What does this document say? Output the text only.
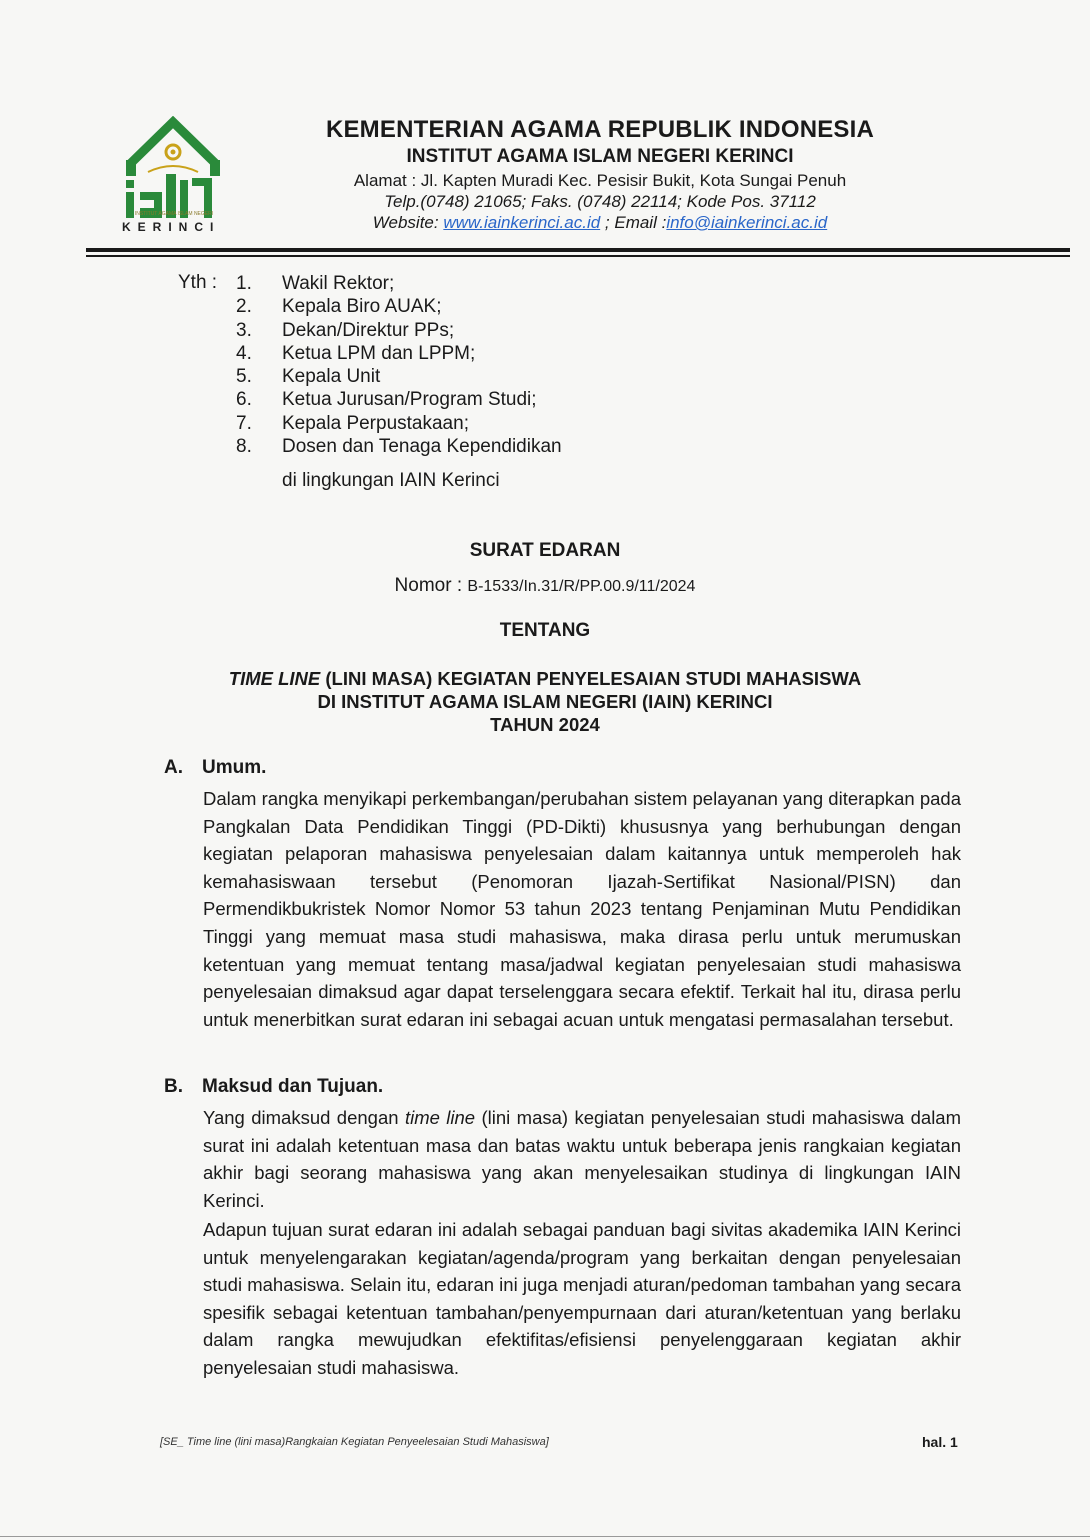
INSTITUT AGAMA ISLAM NEGERI
KERINCI
KEMENTERIAN AGAMA REPUBLIK INDONESIA
INSTITUT AGAMA ISLAM NEGERI KERINCI
Alamat : Jl. Kapten Muradi Kec. Pesisir Bukit, Kota Sungai Penuh
Telp.(0748) 21065; Faks. (0748) 22114; Kode Pos. 37112
Website: www.iainkerinci.ac.id ; Email :info@iainkerinci.ac.id
Yth : 1.	Wakil Rektor;
2.	Kepala Biro AUAK;
3.	Dekan/Direktur PPs;
4.	Ketua LPM dan LPPM;
5.	Kepala Unit
6.	Ketua Jurusan/Program Studi;
7.	Kepala Perpustakaan;
8.	Dosen dan Tenaga Kependidikan
di lingkungan IAIN Kerinci
SURAT EDARAN
Nomor : B-1533/In.31/R/PP.00.9/11/2024
TENTANG
TIME LINE (LINI MASA) KEGIATAN PENYELESAIAN STUDI MAHASISWA
DI INSTITUT AGAMA ISLAM NEGERI (IAIN) KERINCI
TAHUN 2024
A. Umum.
Dalam rangka menyikapi perkembangan/perubahan sistem pelayanan yang diterapkan pada Pangkalan Data Pendidikan Tinggi (PD-Dikti) khususnya yang berhubungan dengan kegiatan pelaporan mahasiswa penyelesaian dalam kaitannya untuk memperoleh hak kemahasiswaan tersebut (Penomoran Ijazah-Sertifikat Nasional/PISN) dan Permendikbukristek Nomor Nomor 53 tahun 2023 tentang Penjaminan Mutu Pendidikan Tinggi yang memuat masa studi mahasiswa, maka dirasa perlu untuk merumuskan ketentuan yang memuat tentang masa/jadwal kegiatan penyelesaian studi mahasiswa penyelesaian dimaksud agar dapat terselenggara secara efektif. Terkait hal itu, dirasa perlu untuk menerbitkan surat edaran ini sebagai acuan untuk mengatasi permasalahan tersebut.
B. Maksud dan Tujuan.
Yang dimaksud dengan time line (lini masa) kegiatan penyelesaian studi mahasiswa dalam surat ini adalah ketentuan masa dan batas waktu untuk beberapa jenis rangkaian kegiatan akhir bagi seorang mahasiswa yang akan menyelesaikan studinya di lingkungan IAIN Kerinci.
Adapun tujuan surat edaran ini adalah sebagai panduan bagi sivitas akademika IAIN Kerinci untuk menyelengarakan kegiatan/agenda/program yang berkaitan dengan penyelesaian studi mahasiswa. Selain itu, edaran ini juga menjadi aturan/pedoman tambahan yang secara spesifik sebagai ketentuan tambahan/penyempurnaan dari aturan/ketentuan yang berlaku dalam rangka mewujudkan efektifitas/efisiensi penyelenggaraan kegiatan akhir penyelesaian studi mahasiswa.
[SE_ Time line (lini masa)Rangkaian Kegiatan Penyeelesaian Studi Mahasiswa]	hal. 1
